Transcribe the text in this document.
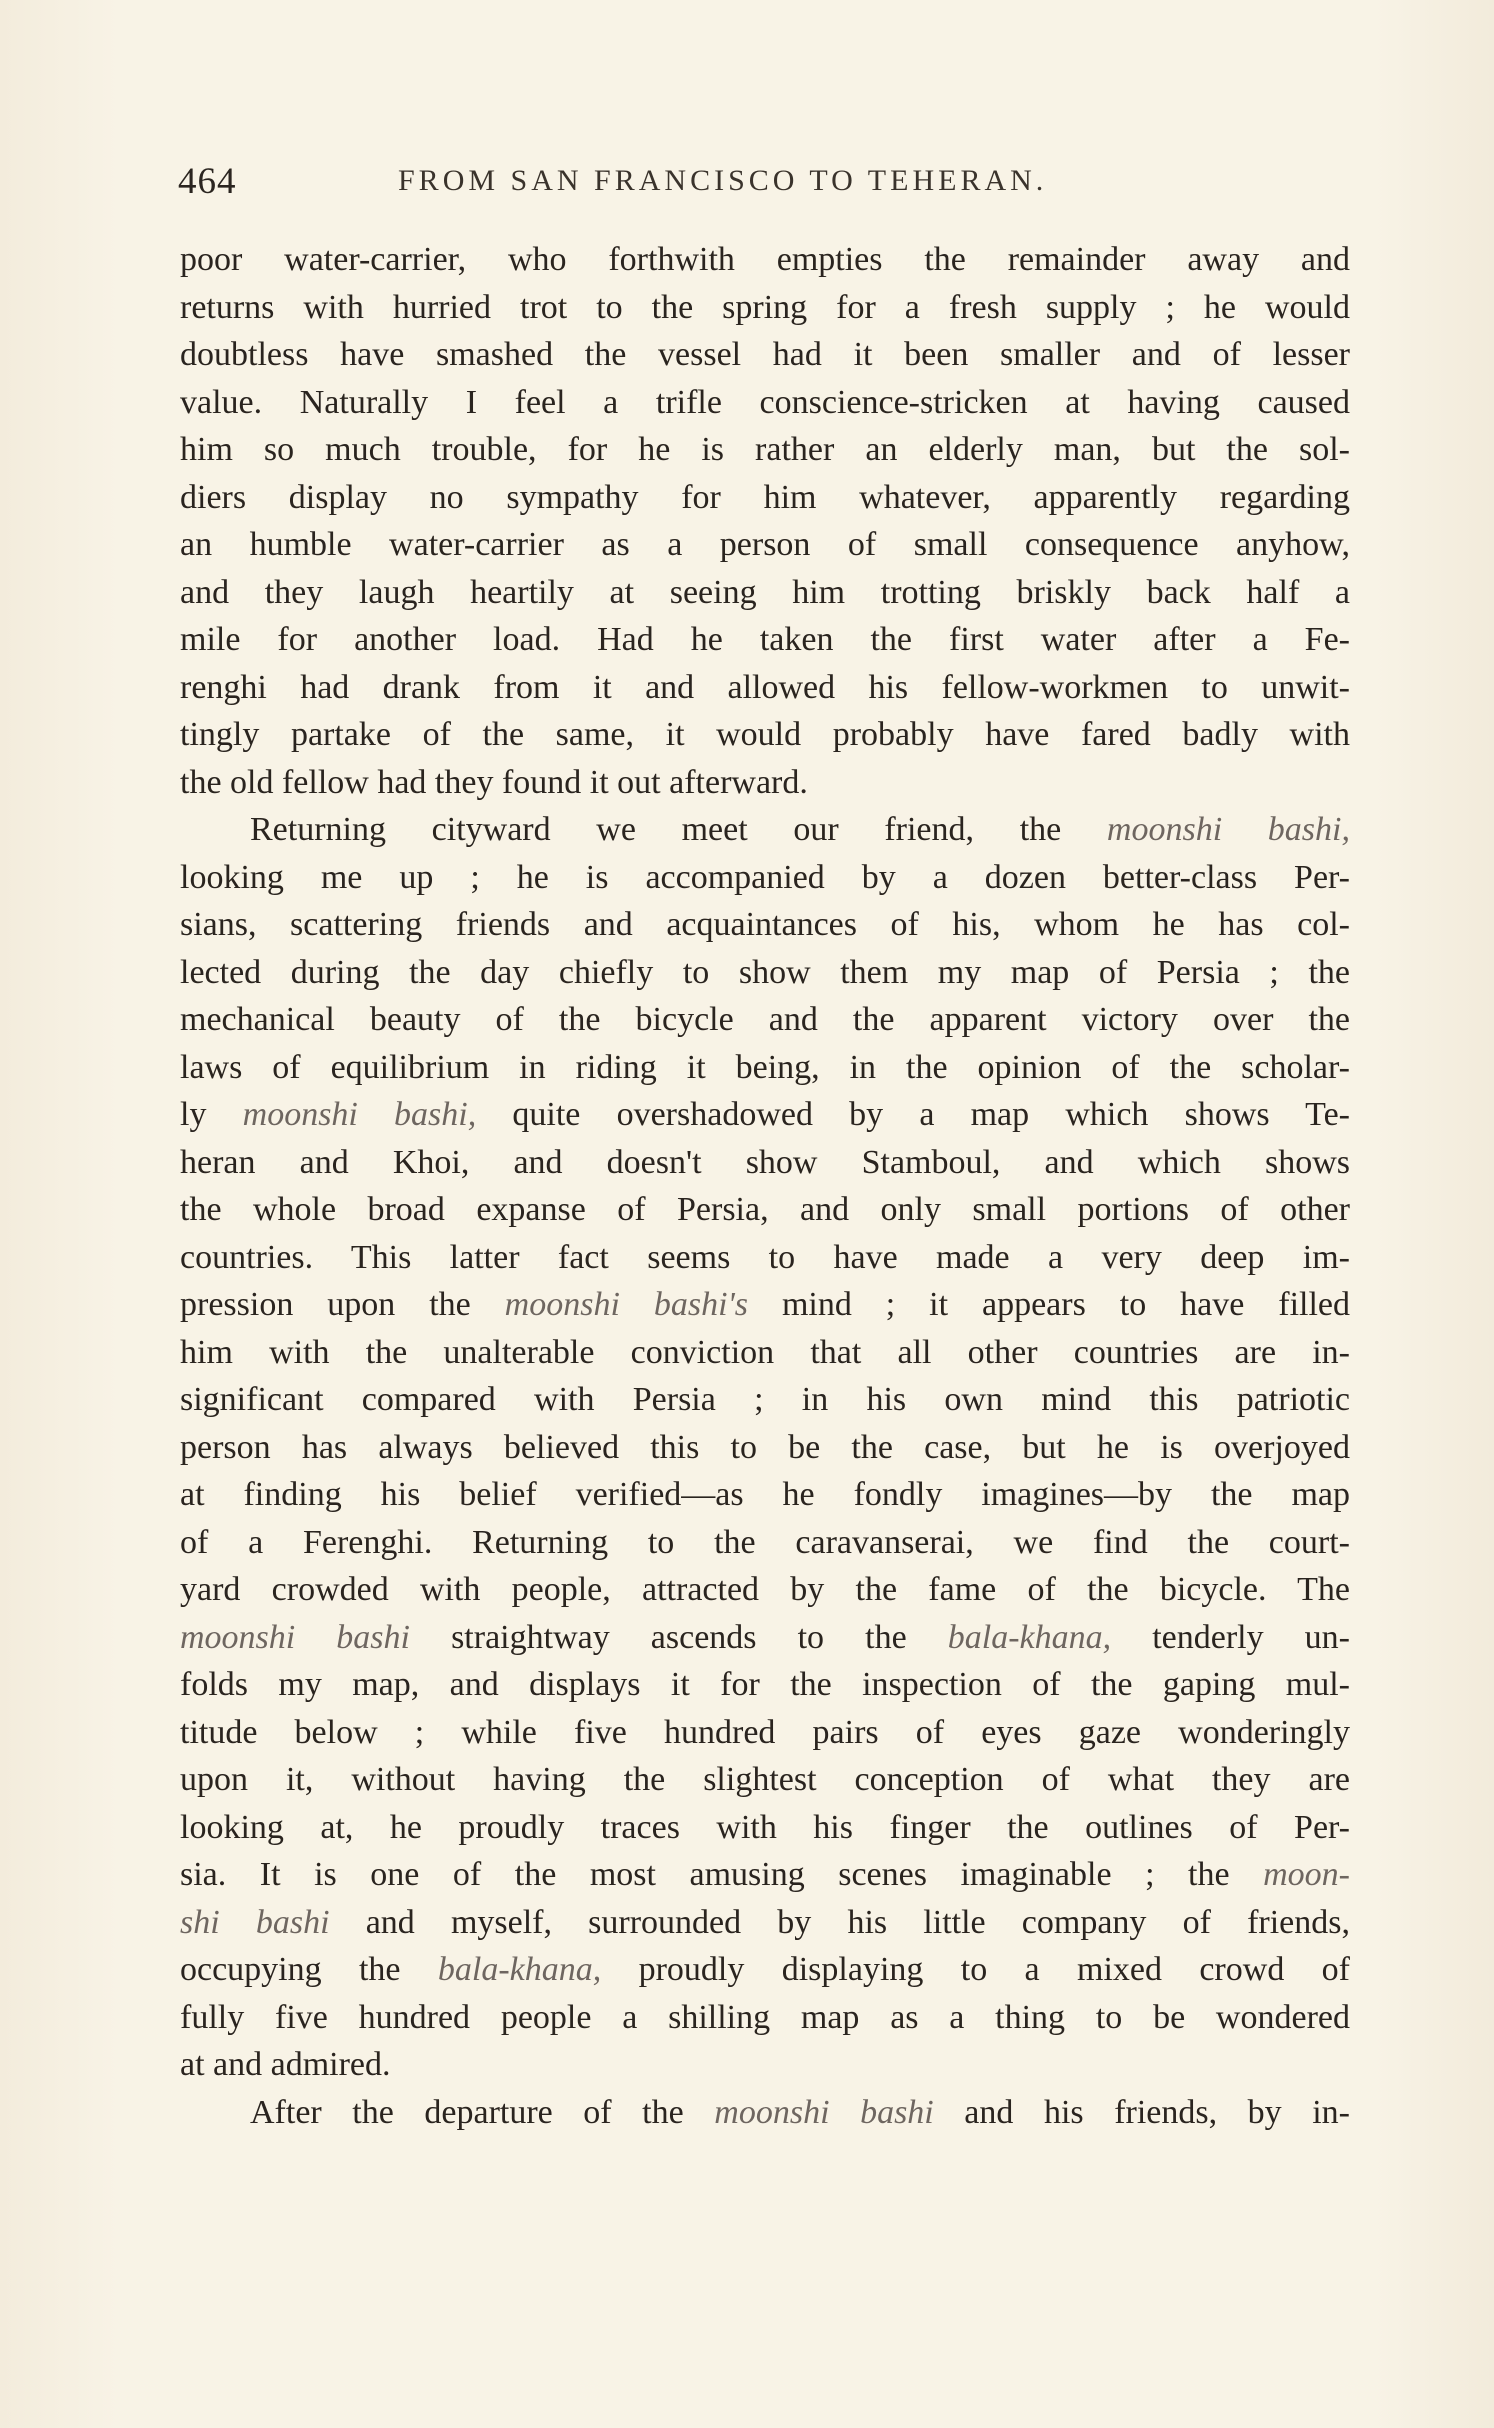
464	FROM SAN FRANCISCO TO TEHERAN.
poor water-carrier, who forthwith empties the remainder away and
returns with hurried trot to the spring for a fresh supply ; he would
doubtless have smashed the vessel had it been smaller and of lesser
value. Naturally I feel a trifle conscience-stricken at having caused
him so much trouble, for he is rather an elderly man, but the sol-
diers display no sympathy for him whatever, apparently regarding
an humble water-carrier as a person of small consequence anyhow,
and they laugh heartily at seeing him trotting briskly back half a
mile for another load. Had he taken the first water after a Fe-
renghi had drank from it and allowed his fellow-workmen to unwit-
tingly partake of the same, it would probably have fared badly with
the old fellow had they found it out afterward.
Returning cityward we meet our friend, the moonshi bashi,
looking me up ; he is accompanied by a dozen better-class Per-
sians, scattering friends and acquaintances of his, whom he has col-
lected during the day chiefly to show them my map of Persia ; the
mechanical beauty of the bicycle and the apparent victory over the
laws of equilibrium in riding it being, in the opinion of the scholar-
ly moonshi bashi, quite overshadowed by a map which shows Te-
heran and Khoi, and doesn't show Stamboul, and which shows
the whole broad expanse of Persia, and only small portions of other
countries. This latter fact seems to have made a very deep im-
pression upon the moonshi bashi's mind ; it appears to have filled
him with the unalterable conviction that all other countries are in-
significant compared with Persia ; in his own mind this patriotic
person has always believed this to be the case, but he is overjoyed
at finding his belief verified—as he fondly imagines—by the map
of a Ferenghi. Returning to the caravanserai, we find the court-
yard crowded with people, attracted by the fame of the bicycle. The
moonshi bashi straightway ascends to the bala-khana, tenderly un-
folds my map, and displays it for the inspection of the gaping mul-
titude below ; while five hundred pairs of eyes gaze wonderingly
upon it, without having the slightest conception of what they are
looking at, he proudly traces with his finger the outlines of Per-
sia. It is one of the most amusing scenes imaginable ; the moon-
shi bashi and myself, surrounded by his little company of friends,
occupying the bala-khana, proudly displaying to a mixed crowd of
fully five hundred people a shilling map as a thing to be wondered
at and admired.
After the departure of the moonshi bashi and his friends, by in-
